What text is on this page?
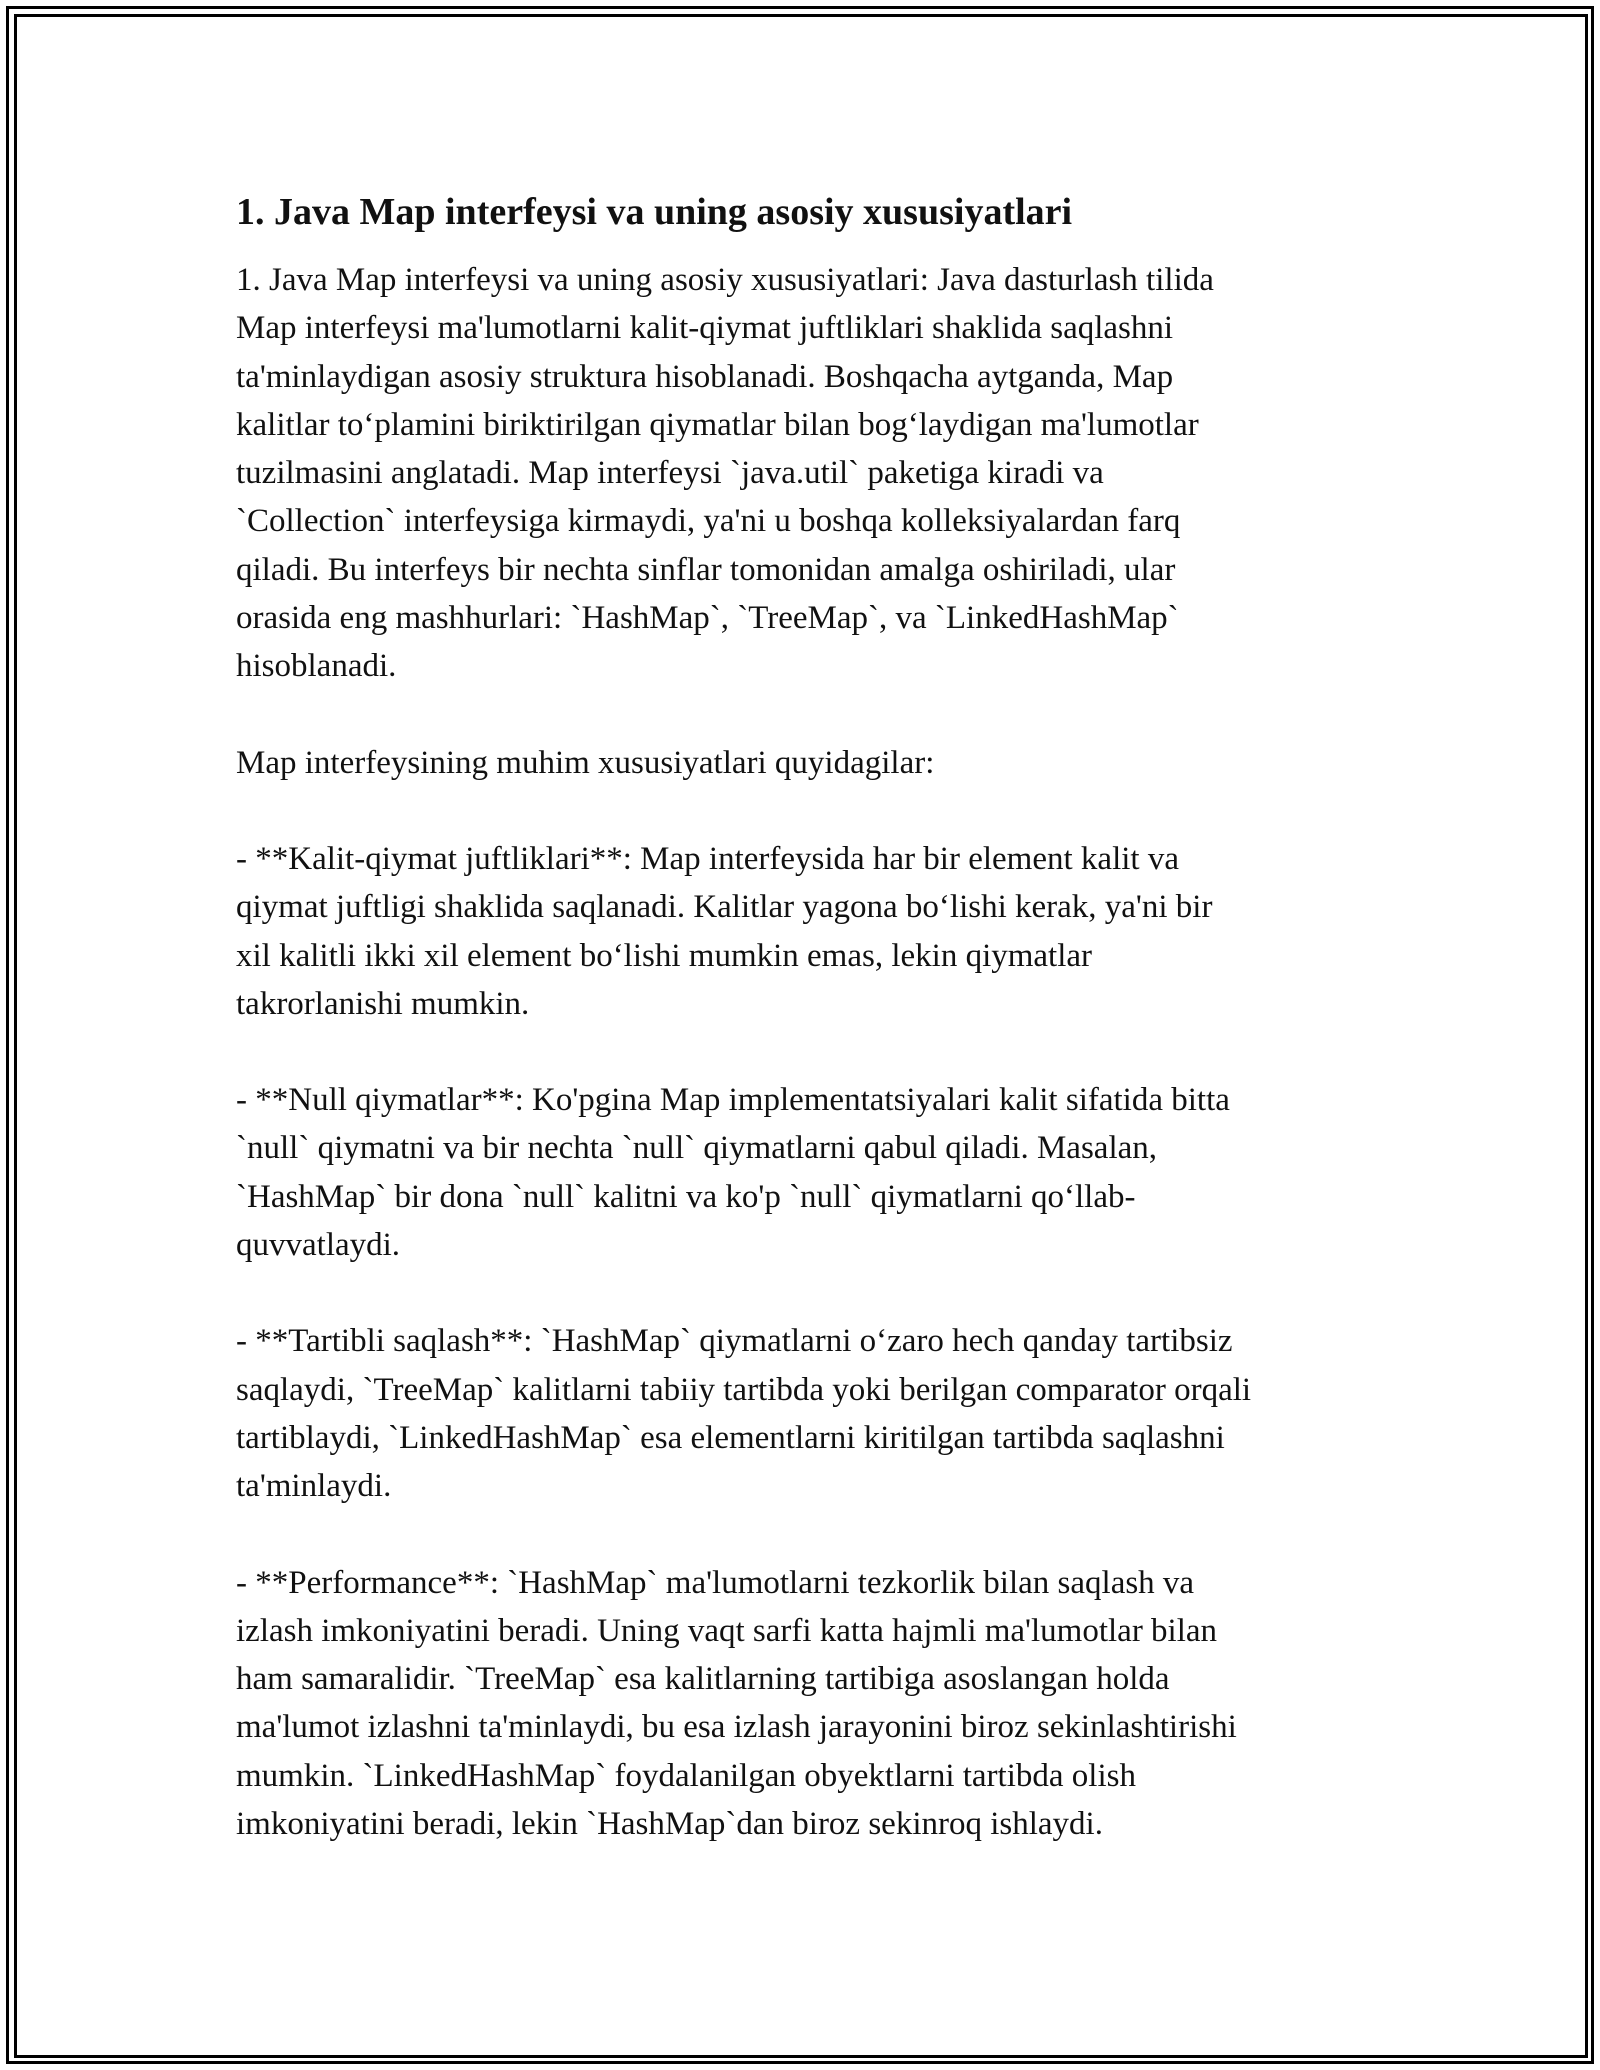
1. Java Map interfeysi va uning asosiy xususiyatlari

1. Java Map interfeysi va uning asosiy xususiyatlari: Java dasturlash tilida
Map interfeysi ma'lumotlarni kalit-qiymat juftliklari shaklida saqlashni
ta'minlaydigan asosiy struktura hisoblanadi. Boshqacha aytganda, Map
kalitlar to‘plamini biriktirilgan qiymatlar bilan bog‘laydigan ma'lumotlar
tuzilmasini anglatadi. Map interfeysi `java.util` paketiga kiradi va
`Collection` interfeysiga kirmaydi, ya'ni u boshqa kolleksiyalardan farq
qiladi. Bu interfeys bir nechta sinflar tomonidan amalga oshiriladi, ular
orasida eng mashhurlari: `HashMap`, `TreeMap`, va `LinkedHashMap`
hisoblanadi.

Map interfeysining muhim xususiyatlari quyidagilar:

- **Kalit-qiymat juftliklari**: Map interfeysida har bir element kalit va
qiymat juftligi shaklida saqlanadi. Kalitlar yagona bo‘lishi kerak, ya'ni bir
xil kalitli ikki xil element bo‘lishi mumkin emas, lekin qiymatlar
takrorlanishi mumkin.

- **Null qiymatlar**: Ko'pgina Map implementatsiyalari kalit sifatida bitta
`null` qiymatni va bir nechta `null` qiymatlarni qabul qiladi. Masalan,
`HashMap` bir dona `null` kalitni va ko'p `null` qiymatlarni qo‘llab-
quvvatlaydi.

- **Tartibli saqlash**: `HashMap` qiymatlarni o‘zaro hech qanday tartibsiz
saqlaydi, `TreeMap` kalitlarni tabiiy tartibda yoki berilgan comparator orqali
tartiblaydi, `LinkedHashMap` esa elementlarni kiritilgan tartibda saqlashni
ta'minlaydi.

- **Performance**: `HashMap` ma'lumotlarni tezkorlik bilan saqlash va
izlash imkoniyatini beradi. Uning vaqt sarfi katta hajmli ma'lumotlar bilan
ham samaralidir. `TreeMap` esa kalitlarning tartibiga asoslangan holda
ma'lumot izlashni ta'minlaydi, bu esa izlash jarayonini biroz sekinlashtirishi
mumkin. `LinkedHashMap` foydalanilgan obyektlarni tartibda olish
imkoniyatini beradi, lekin `HashMap`dan biroz sekinroq ishlaydi.
